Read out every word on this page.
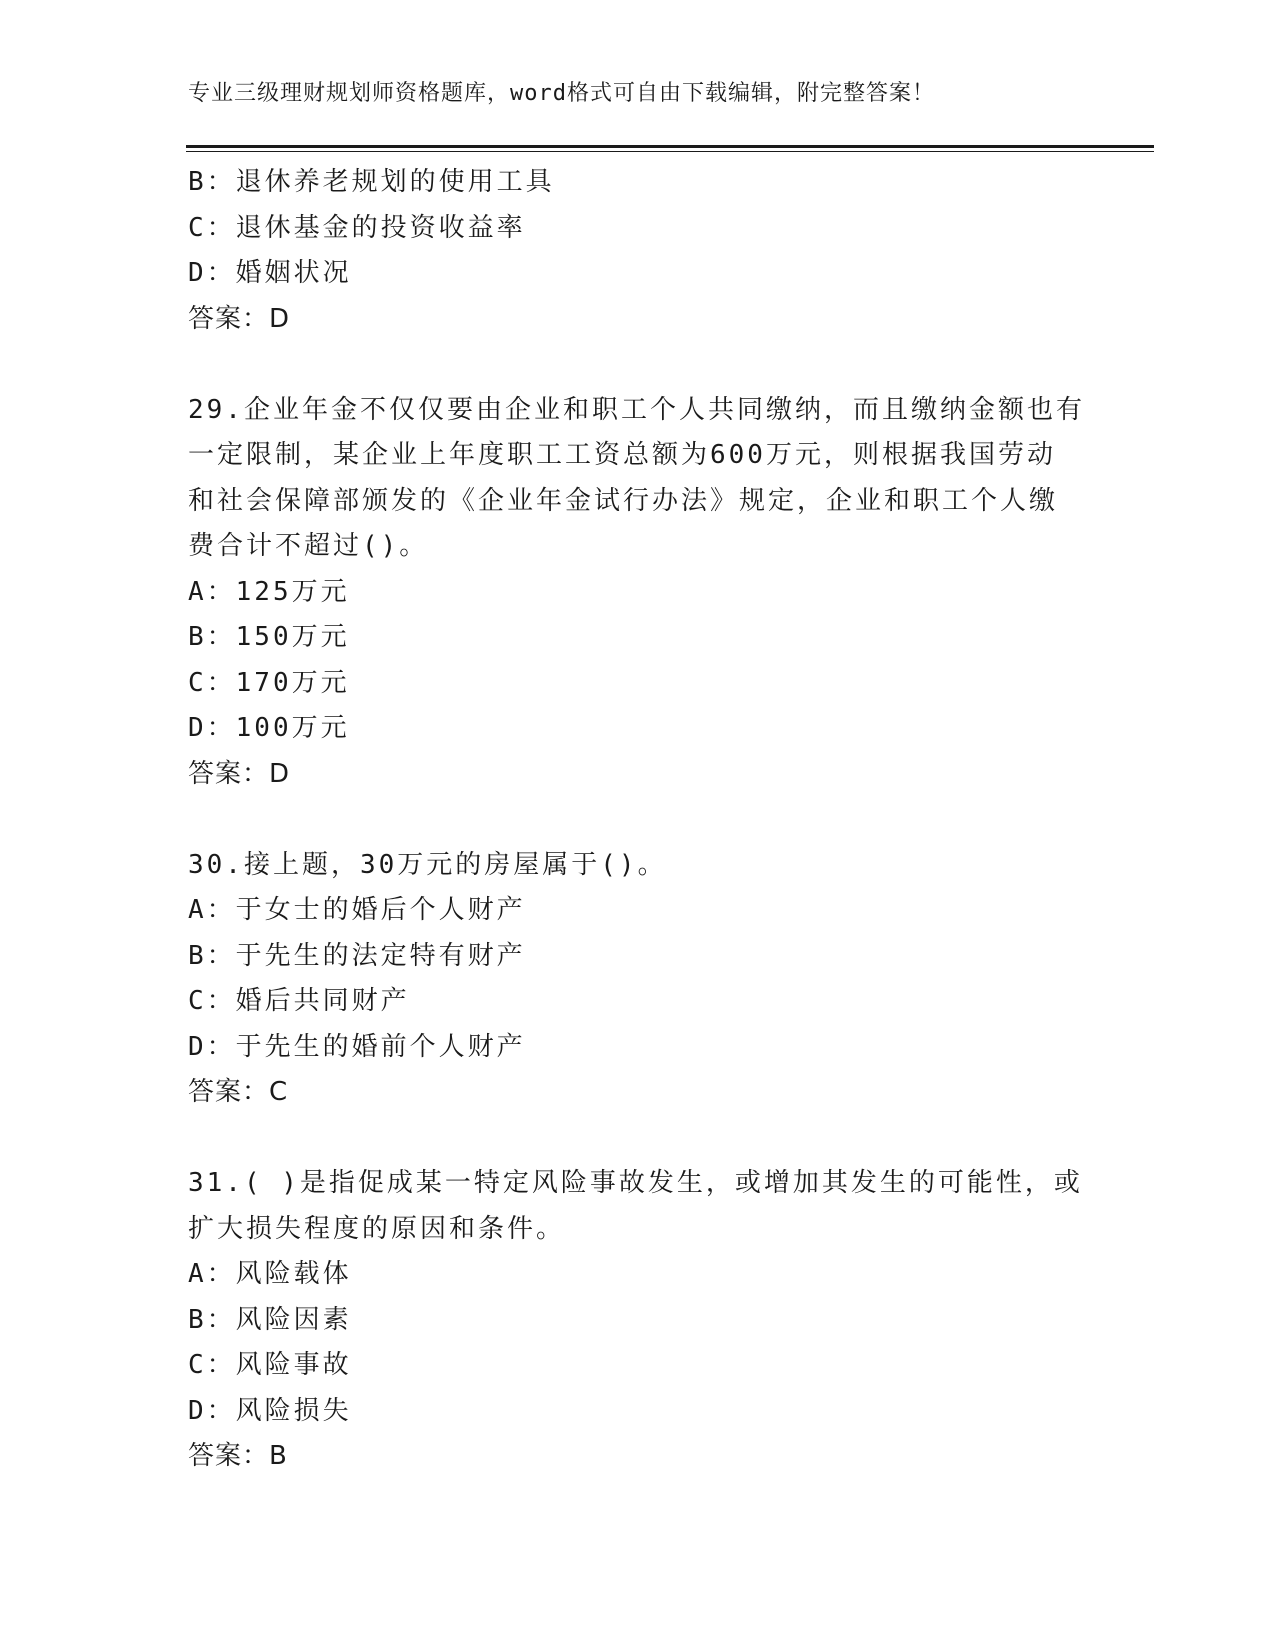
专业三级理财规划师资格题库，word格式可自由下载编辑，附完整答案！
B：退休养老规划的使用工具
C：退休基金的投资收益率
D：婚姻状况
答案：D
29.企业年金不仅仅要由企业和职工个人共同缴纳，而且缴纳金额也有
一定限制，某企业上年度职工工资总额为600万元，则根据我国劳动
和社会保障部颁发的《企业年金试行办法》规定，企业和职工个人缴
费合计不超过()。
A：125万元
B：150万元
C：170万元
D：100万元
答案：D
30.接上题，30万元的房屋属于()。
A：于女士的婚后个人财产
B：于先生的法定特有财产
C：婚后共同财产
D：于先生的婚前个人财产
答案：C
31.( )是指促成某一特定风险事故发生，或增加其发生的可能性，或
扩大损失程度的原因和条件。
A：风险载体
B：风险因素
C：风险事故
D：风险损失
答案：B
